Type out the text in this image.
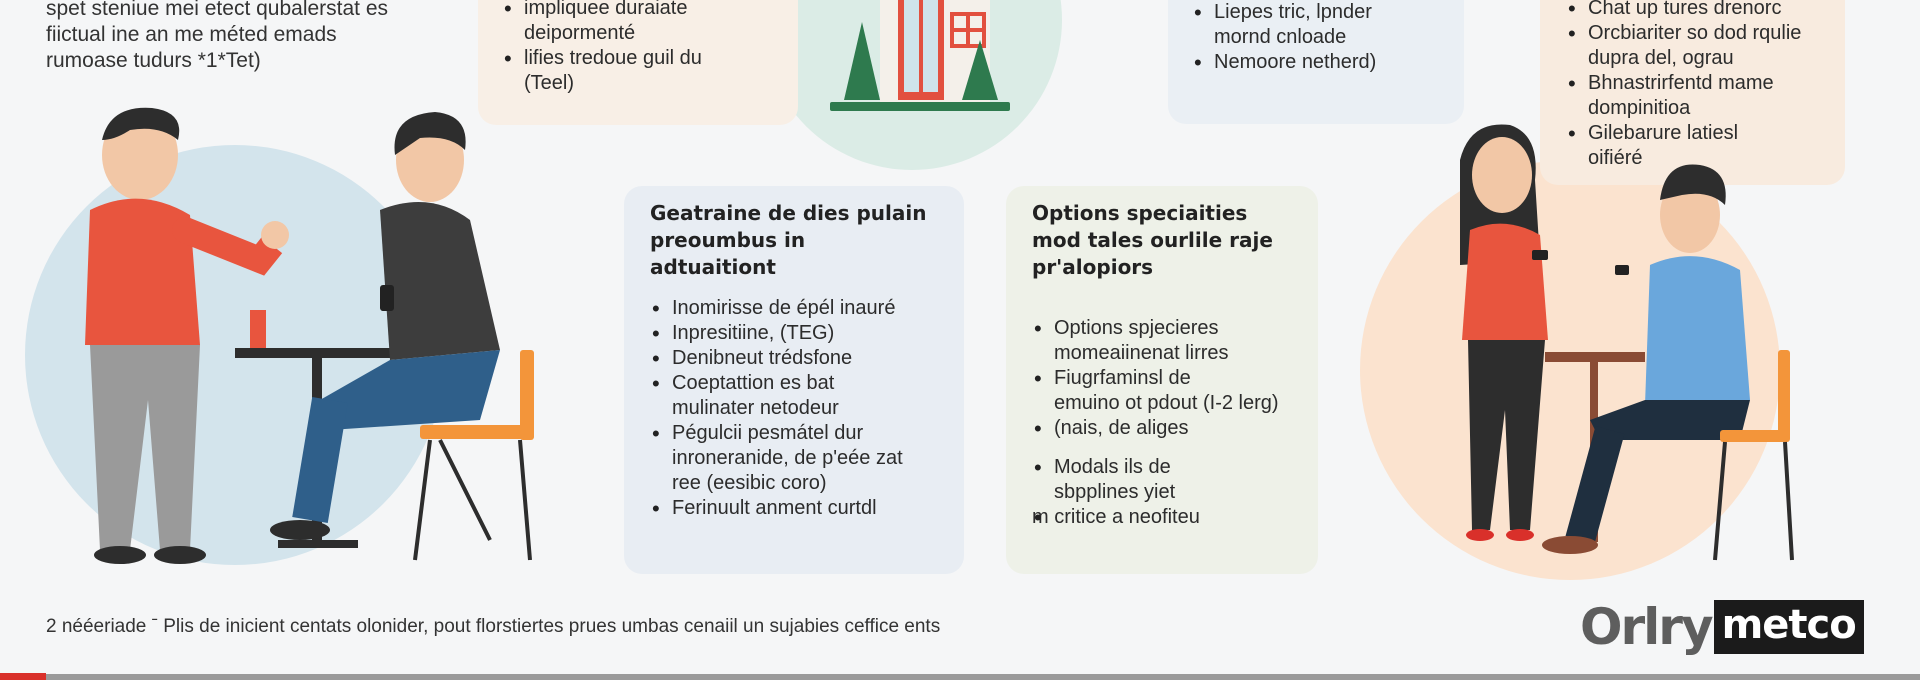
spet steniue mei etect qubalerstat es
fiictual ine an me méted emads
rumoase tudurs *1*Tet)
• impliquee duraiate
deipormenté
• lifies tredoue guil du
(Teel)
• Liepes tric, lpnder
mornd cnloade
• Nemoore netherd)
• Chat up tures drenorc
• Orcbiariter so dod rqulie
dupra del, ograu
• Bhnastrirfentd mame
dompinitioa
• Gilebarure latiesl
oifiéré
Geatraine de dies pulain
preoumbus in
adtuaitiont
• Inomirisse de épél inauré
• Inpresitiine, (TEG)
• Denibneut trédsfone
• Coeptattion es bat
mulinater netodeur
• Pégulcii pesmátel dur
inroneranide, de p'eée zat
ree (eesibic coro)
• Ferinuult anment curtdl
Options speciaities
mod tales ourlile raje
pr'alopiors
• Options spjecieres
momeaiinenat lirres
• Fiugrfaminsl de
emuino ot pdout (I-2 lerg)
• (nais, de aliges
• Modals ils de
sbpplines yiet
• m critice a neofiteu
2 nééeriade ˉ Plis de inicient centats olonider, pout florstiertes prues umbas cenaiil un sujabies ceffice ents	Orlry metco
